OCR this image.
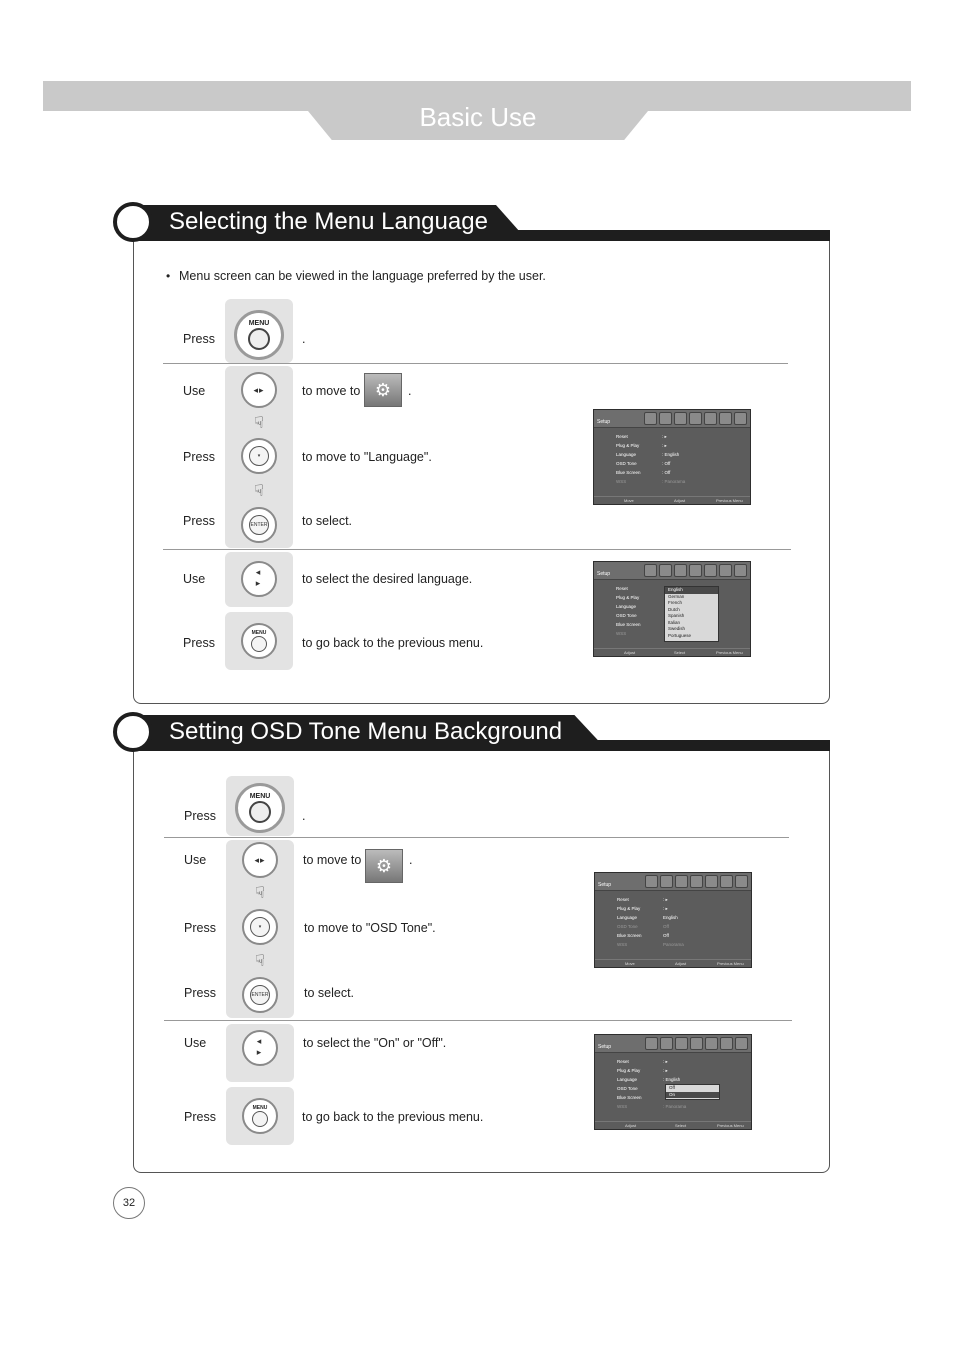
Basic Use
Selecting the Menu Language
• Menu screen can be viewed in the language preferred by the user.
Press
MENU
.
Use	◂▸	to move to ⚙	.
☟
Press	▾	to move to "Language".
☟
Press	ENTER	to select.
Use	◂▸	to select the desired language.
Press
MENU
to go back to the previous menu.
Setup
Reset	: ▸
Plug & Play	: ▸
Language	: English
OSD Tone	: Off
Blue Screen	: Off
WSS	: Panorama
Move	Adjust	Previous Menu
Setup
Reset
Plug & Play
Language
OSD Tone
Blue Screen
WSS
English
German
French
Dutch
Spanish
Italian
Swedish
Portuguese
Adjust	Select	Previous Menu
Setting OSD Tone Menu Background
Press
MENU
.
Use	◂▸	to move to ⚙	.
☟
Press	▾	to move to "OSD Tone".
☟
Press	ENTER	to select.
Use	◂▸	to select the "On" or "Off".
Press
MENU
to go back to the previous menu.
Setup
Reset	: ▸
Plug & Play	: ▸
Language	English
OSD Tone	Off
Blue Screen	Off
WSS	Panorama
Move	Adjust	Previous Menu
Setup
Reset	: ▸
Plug & Play	: ▸
Language	: English
OSD Tone
Blue Screen
WSS	: Panorama
Off
On
Adjust	Select	Previous Menu
32
